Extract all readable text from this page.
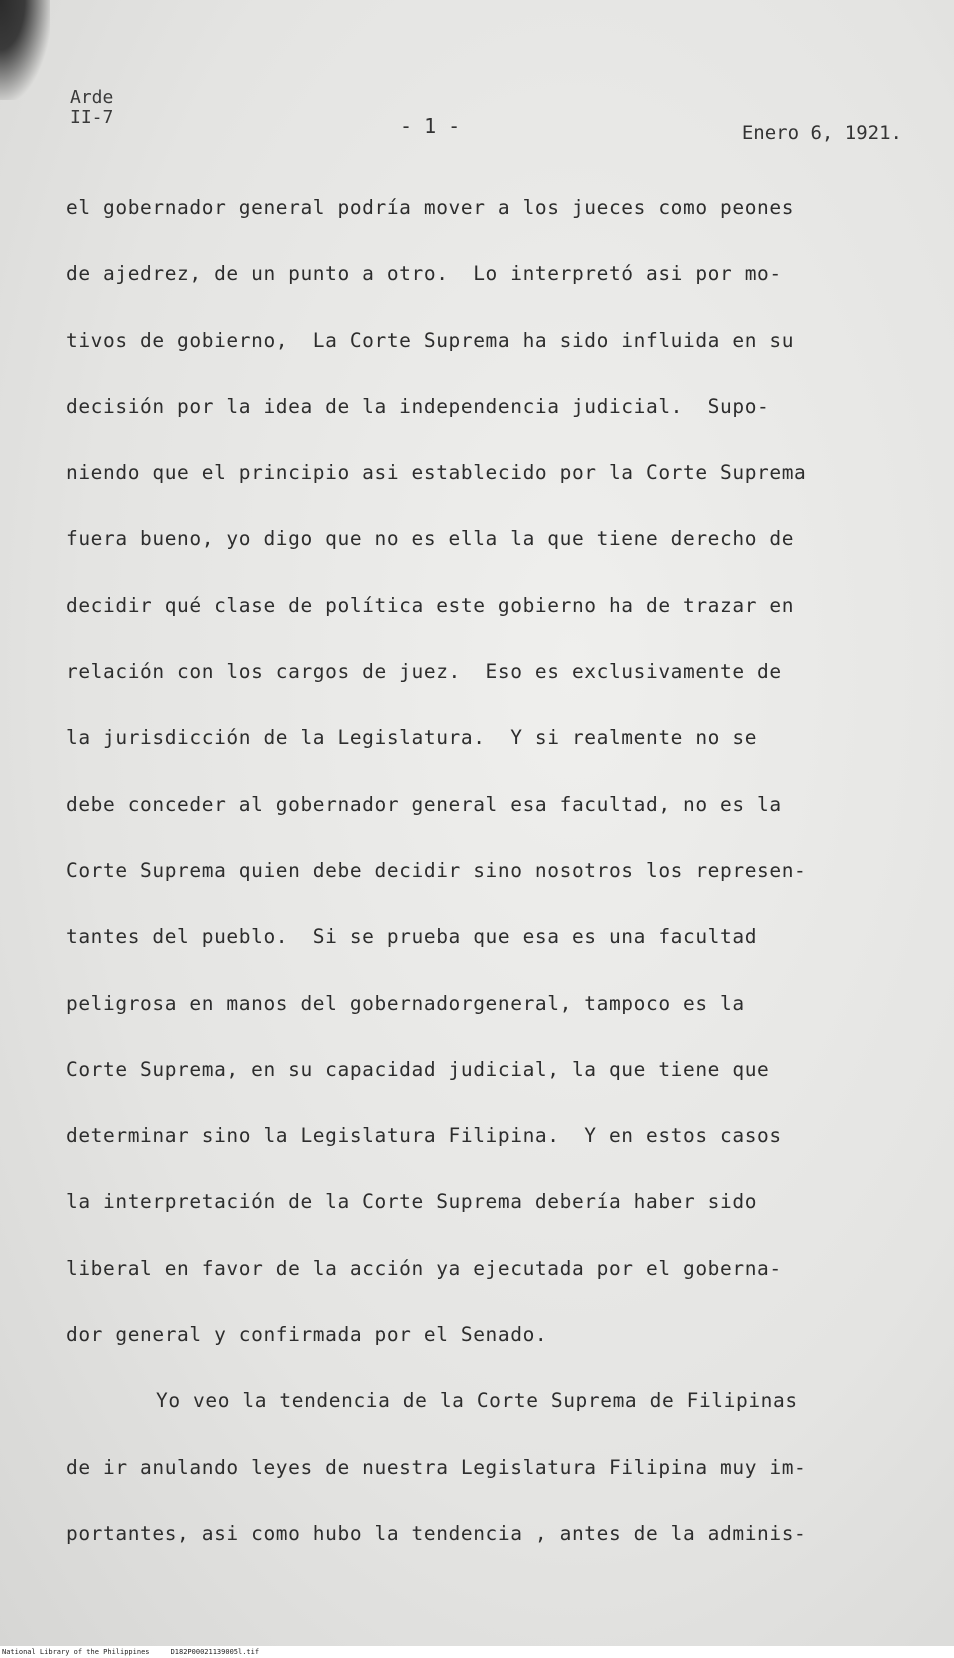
Arde
II-7	- 1 -	Enero 6, 1921.
el gobernador general podría mover a los jueces como peones
de ajedrez, de un punto a otro.  Lo interpretó asi por mo-
tivos de gobierno,  La Corte Suprema ha sido influida en su
decisión por la idea de la independencia judicial.  Supo-
niendo que el principio asi establecido por la Corte Suprema
fuera bueno, yo digo que no es ella la que tiene derecho de
decidir qué clase de política este gobierno ha de trazar en
relación con los cargos de juez.  Eso es exclusivamente de
la jurisdicción de la Legislatura.  Y si realmente no se
debe conceder al gobernador general esa facultad, no es la
Corte Suprema quien debe decidir sino nosotros los represen-
tantes del pueblo.  Si se prueba que esa es una facultad
peligrosa en manos del gobernadorgeneral, tampoco es la
Corte Suprema, en su capacidad judicial, la que tiene que
determinar sino la Legislatura Filipina.  Y en estos casos
la interpretación de la Corte Suprema debería haber sido
liberal en favor de la acción ya ejecutada por el goberna-
dor general y confirmada por el Senado.
Yo veo la tendencia de la Corte Suprema de Filipinas
de ir anulando leyes de nuestra Legislatura Filipina muy im-
portantes, asi como hubo la tendencia , antes de la adminis-
National Library of the Philippines     D182P00021139005l.tif
